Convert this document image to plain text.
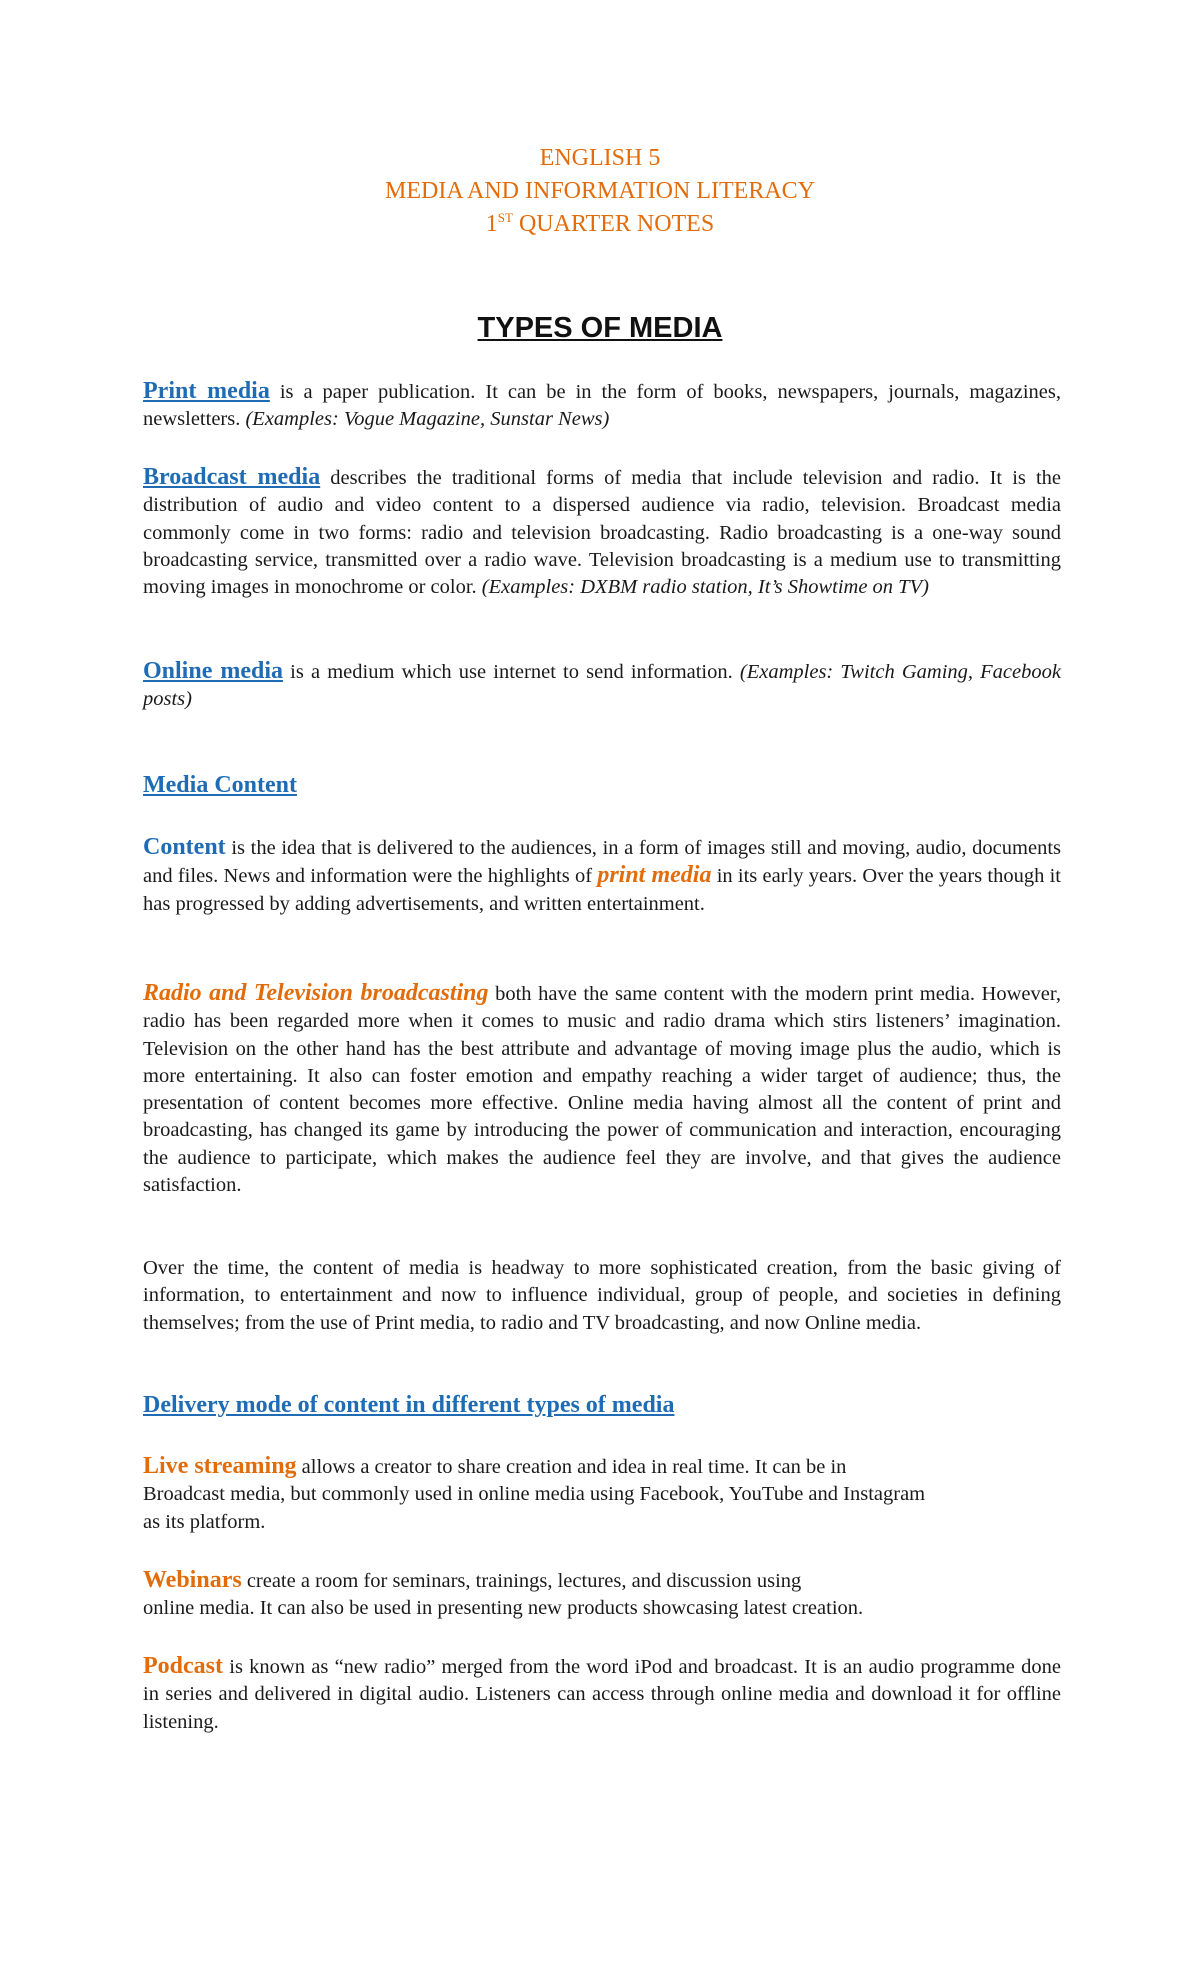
ENGLISH 5
MEDIA AND INFORMATION LITERACY
1ST QUARTER NOTES
TYPES OF MEDIA
Print media is a paper publication. It can be in the form of books, newspapers, journals, magazines, newsletters. (Examples: Vogue Magazine, Sunstar News)
Broadcast media describes the traditional forms of media that include television and radio. It is the distribution of audio and video content to a dispersed audience via radio, television. Broadcast media commonly come in two forms: radio and television broadcasting. Radio broadcasting is a one-way sound broadcasting service, transmitted over a radio wave. Television broadcasting is a medium use to transmitting moving images in monochrome or color. (Examples: DXBM radio station, It’s Showtime on TV)
Online media is a medium which use internet to send information. (Examples: Twitch Gaming, Facebook posts)
Media Content
Content is the idea that is delivered to the audiences, in a form of images still and moving, audio, documents and files. News and information were the highlights of print media in its early years. Over the years though it has progressed by adding advertisements, and written entertainment.
Radio and Television broadcasting both have the same content with the modern print media. However, radio has been regarded more when it comes to music and radio drama which stirs listeners’ imagination. Television on the other hand has the best attribute and advantage of moving image plus the audio, which is more entertaining. It also can foster emotion and empathy reaching a wider target of audience; thus, the presentation of content becomes more effective. Online media having almost all the content of print and broadcasting, has changed its game by introducing the power of communication and interaction, encouraging the audience to participate, which makes the audience feel they are involve, and that gives the audience satisfaction.
Over the time, the content of media is headway to more sophisticated creation, from the basic giving of information, to entertainment and now to influence individual, group of people, and societies in defining themselves; from the use of Print media, to radio and TV broadcasting, and now Online media.
Delivery mode of content in different types of media
Live streaming allows a creator to share creation and idea in real time. It can be in
Broadcast media, but commonly used in online media using Facebook, YouTube and Instagram
as its platform.
Webinars create a room for seminars, trainings, lectures, and discussion using
online media. It can also be used in presenting new products showcasing latest creation.
Podcast is known as “new radio” merged from the word iPod and broadcast. It is an audio programme done in series and delivered in digital audio. Listeners can access through online media and download it for offline listening.
